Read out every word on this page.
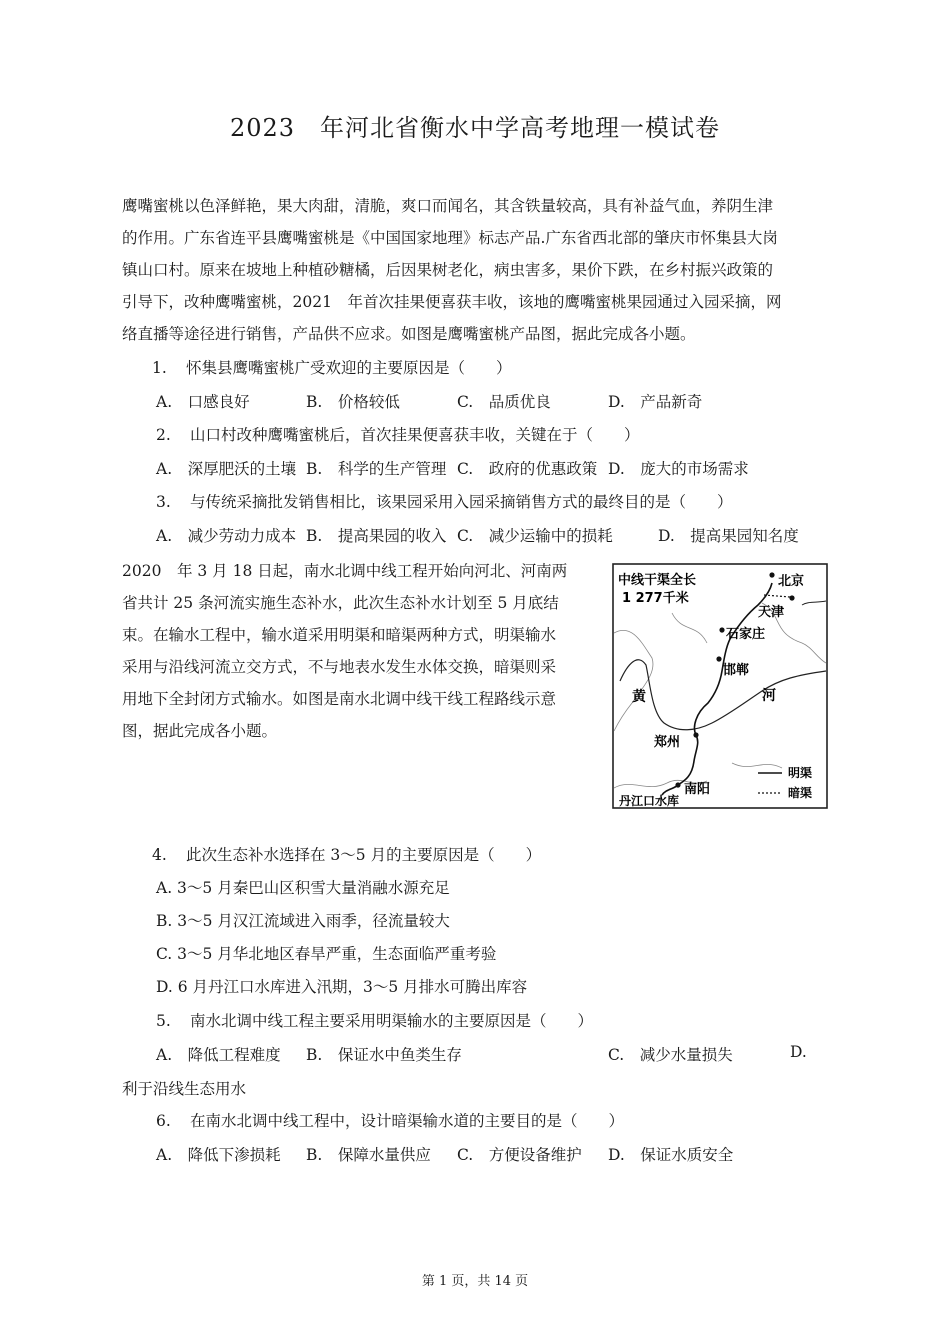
2023　年河北省衡水中学高考地理一模试卷
鹰嘴蜜桃以色泽鲜艳，果大肉甜，清脆，爽口而闻名，其含铁量较高，具有补益气血，养阴生津
的作用。广东省连平县鹰嘴蜜桃是《中国国家地理》标志产品.广东省西北部的肇庆市怀集县大岗
镇山口村。原来在坡地上种植砂糖橘，后因果树老化，病虫害多，果价下跌，在乡村振兴政策的
引导下，改种鹰嘴蜜桃，2021　年首次挂果便喜获丰收，该地的鹰嘴蜜桃果园通过入园采摘，网
络直播等途径进行销售，产品供不应求。如图是鹰嘴蜜桃产品图，据此完成各小题。
1. 怀集县鹰嘴蜜桃广受欢迎的主要原因是（　　）
A.　口感良好	B.　价格较低	C.　品质优良	D.　产品新奇
2. 山口村改种鹰嘴蜜桃后，首次挂果便喜获丰收，关键在于（　　）
A.　深厚肥沃的土壤 B.　科学的生产管理 C.　政府的优惠政策 D.　庞大的市场需求
3. 与传统采摘批发销售相比，该果园采用入园采摘销售方式的最终目的是（　　）
A.　减少劳动力成本 B.　提高果园的收入 C.　减少运输中的损耗	D.　提高果园知名度
2020　年 3 月 18 日起，南水北调中线工程开始向河北、河南两
省共计 25 条河流实施生态补水，此次生态补水计划至 5 月底结
束。在输水工程中，输水道采用明渠和暗渠两种方式，明渠输水
采用与沿线河流立交方式，不与地表水发生水体交换，暗渠则采
用地下全封闭方式输水。如图是南水北调中线干线工程路线示意
图，据此完成各小题。
中线干渠全长
1 277千米
北京
天津
石家庄
邯郸
郑州
南阳
丹江口水库
黄	河
明渠
暗渠
4. 此次生态补水选择在 3～5 月的主要原因是（　　）
A. 3～5 月秦巴山区积雪大量消融水源充足
B. 3～5 月汉江流域进入雨季，径流量较大
C. 3～5 月华北地区春旱严重，生态面临严重考验
D. 6 月丹江口水库进入汛期，3～5 月排水可腾出库容
5. 南水北调中线工程主要采用明渠输水的主要原因是（　　）
A.　降低工程难度 B.　保证水中鱼类生存	C.　减少水量损失	D.
利于沿线生态用水
6. 在南水北调中线工程中，设计暗渠输水道的主要目的是（　　）
A.　降低下渗损耗 B.　保障水量供应 C.　方便设备维护 D.　保证水质安全
第 1 页，共 14 页
